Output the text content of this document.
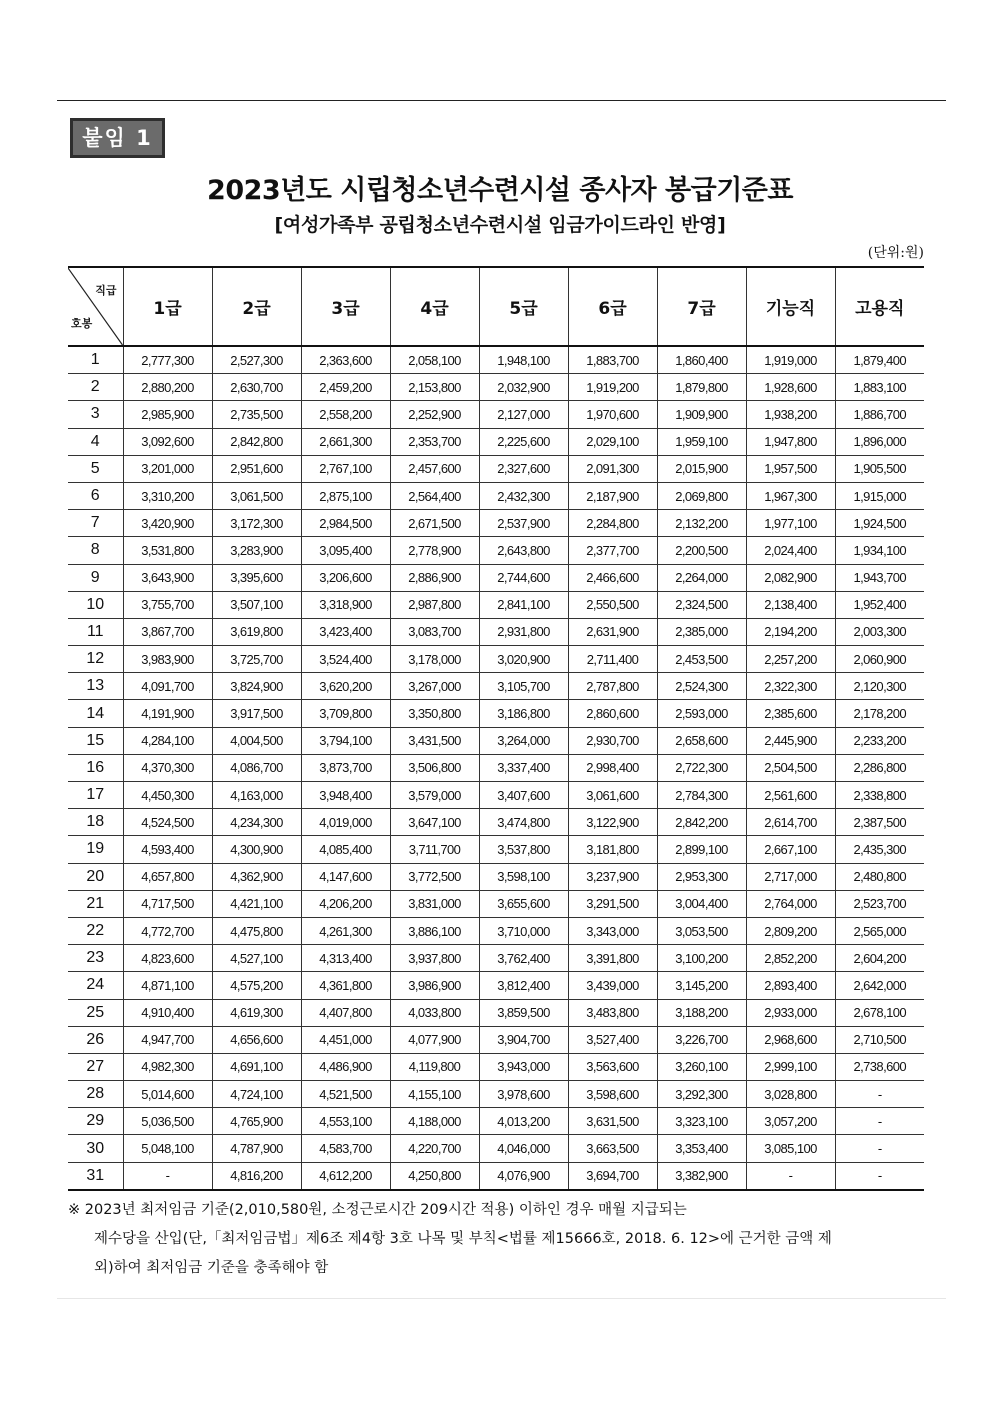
붙임 1
2023년도 시립청소년수련시설 종사자 봉급기준표
[여성가족부 공립청소년수련시설 임금가이드라인 반영]
(단위:원)
직급
호봉	1급	2급	3급	4급	5급	6급	7급	기능직	고용직
1	2,777,300	2,527,300	2,363,600	2,058,100	1,948,100	1,883,700	1,860,400	1,919,000	1,879,400
2	2,880,200	2,630,700	2,459,200	2,153,800	2,032,900	1,919,200	1,879,800	1,928,600	1,883,100
3	2,985,900	2,735,500	2,558,200	2,252,900	2,127,000	1,970,600	1,909,900	1,938,200	1,886,700
4	3,092,600	2,842,800	2,661,300	2,353,700	2,225,600	2,029,100	1,959,100	1,947,800	1,896,000
5	3,201,000	2,951,600	2,767,100	2,457,600	2,327,600	2,091,300	2,015,900	1,957,500	1,905,500
6	3,310,200	3,061,500	2,875,100	2,564,400	2,432,300	2,187,900	2,069,800	1,967,300	1,915,000
7	3,420,900	3,172,300	2,984,500	2,671,500	2,537,900	2,284,800	2,132,200	1,977,100	1,924,500
8	3,531,800	3,283,900	3,095,400	2,778,900	2,643,800	2,377,700	2,200,500	2,024,400	1,934,100
9	3,643,900	3,395,600	3,206,600	2,886,900	2,744,600	2,466,600	2,264,000	2,082,900	1,943,700
10	3,755,700	3,507,100	3,318,900	2,987,800	2,841,100	2,550,500	2,324,500	2,138,400	1,952,400
11	3,867,700	3,619,800	3,423,400	3,083,700	2,931,800	2,631,900	2,385,000	2,194,200	2,003,300
12	3,983,900	3,725,700	3,524,400	3,178,000	3,020,900	2,711,400	2,453,500	2,257,200	2,060,900
13	4,091,700	3,824,900	3,620,200	3,267,000	3,105,700	2,787,800	2,524,300	2,322,300	2,120,300
14	4,191,900	3,917,500	3,709,800	3,350,800	3,186,800	2,860,600	2,593,000	2,385,600	2,178,200
15	4,284,100	4,004,500	3,794,100	3,431,500	3,264,000	2,930,700	2,658,600	2,445,900	2,233,200
16	4,370,300	4,086,700	3,873,700	3,506,800	3,337,400	2,998,400	2,722,300	2,504,500	2,286,800
17	4,450,300	4,163,000	3,948,400	3,579,000	3,407,600	3,061,600	2,784,300	2,561,600	2,338,800
18	4,524,500	4,234,300	4,019,000	3,647,100	3,474,800	3,122,900	2,842,200	2,614,700	2,387,500
19	4,593,400	4,300,900	4,085,400	3,711,700	3,537,800	3,181,800	2,899,100	2,667,100	2,435,300
20	4,657,800	4,362,900	4,147,600	3,772,500	3,598,100	3,237,900	2,953,300	2,717,000	2,480,800
21	4,717,500	4,421,100	4,206,200	3,831,000	3,655,600	3,291,500	3,004,400	2,764,000	2,523,700
22	4,772,700	4,475,800	4,261,300	3,886,100	3,710,000	3,343,000	3,053,500	2,809,200	2,565,000
23	4,823,600	4,527,100	4,313,400	3,937,800	3,762,400	3,391,800	3,100,200	2,852,200	2,604,200
24	4,871,100	4,575,200	4,361,800	3,986,900	3,812,400	3,439,000	3,145,200	2,893,400	2,642,000
25	4,910,400	4,619,300	4,407,800	4,033,800	3,859,500	3,483,800	3,188,200	2,933,000	2,678,100
26	4,947,700	4,656,600	4,451,000	4,077,900	3,904,700	3,527,400	3,226,700	2,968,600	2,710,500
27	4,982,300	4,691,100	4,486,900	4,119,800	3,943,000	3,563,600	3,260,100	2,999,100	2,738,600
28	5,014,600	4,724,100	4,521,500	4,155,100	3,978,600	3,598,600	3,292,300	3,028,800	-
29	5,036,500	4,765,900	4,553,100	4,188,000	4,013,200	3,631,500	3,323,100	3,057,200	-
30	5,048,100	4,787,900	4,583,700	4,220,700	4,046,000	3,663,500	3,353,400	3,085,100	-
31	-	4,816,200	4,612,200	4,250,800	4,076,900	3,694,700	3,382,900	-	-
※ 2023년 최저임금 기준(2,010,580원, 소정근로시간 209시간 적용) 이하인 경우 매월 지급되는
제수당을 산입(단,「최저임금법」제6조 제4항 3호 나목 및 부칙<법률 제15666호, 2018. 6. 12>에 근거한 금액 제
외)하여 최저임금 기준을 충족해야 함
